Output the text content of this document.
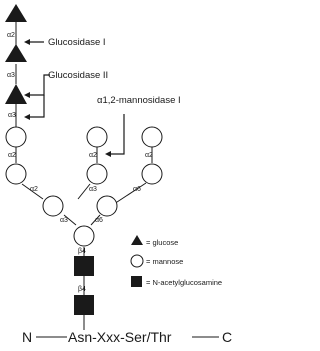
α2
α3
α3
α2	α2	α2
α2	α3	α6
α3	α6
β4
β4
Glucosidase I
Glucosidase II
α1,2-mannosidase I
= glucose
= mannose
= N-acetylglucosamine
N	Asn-Xxx-Ser/Thr	C
